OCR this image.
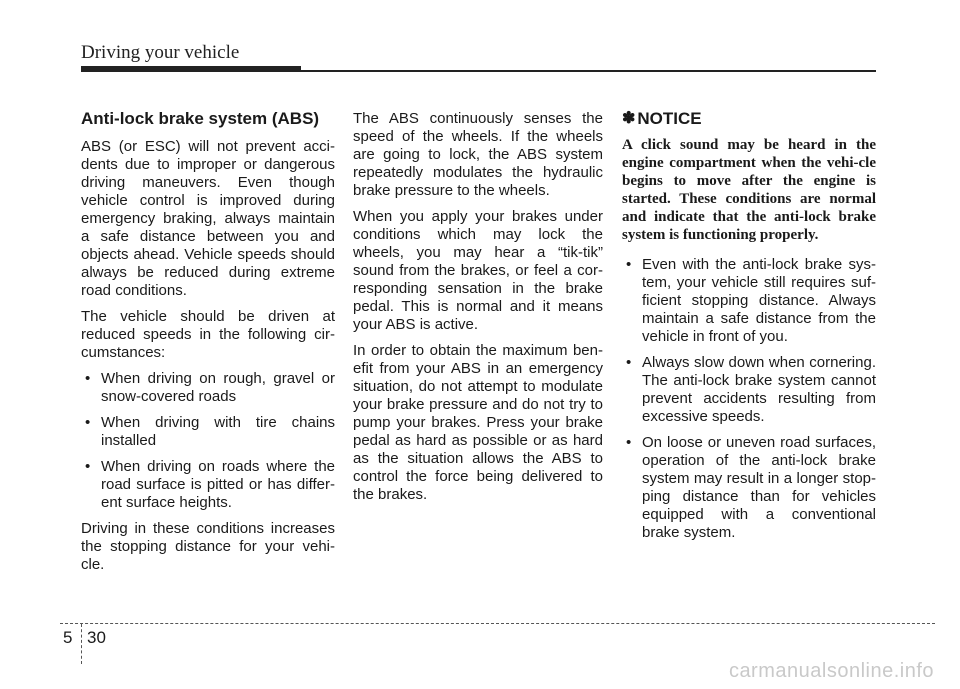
Driving your vehicle
Anti-lock brake system (ABS)

ABS (or ESC) will not prevent acci-dents due to improper or dangerous driving maneuvers. Even though vehicle control is improved during emergency braking, always maintain a safe distance between you and objects ahead. Vehicle speeds should always be reduced during extreme road conditions.

The vehicle should be driven at reduced speeds in the following cir-cumstances:

• When driving on rough, gravel or snow-covered roads
• When driving with tire chains installed
• When driving on roads where the road surface is pitted or has differ-ent surface heights.

Driving in these conditions increases the stopping distance for your vehi-cle.

The ABS continuously senses the speed of the wheels. If the wheels are going to lock, the ABS system repeatedly modulates the hydraulic brake pressure to the wheels.

When you apply your brakes under conditions which may lock the wheels, you may hear a “tik-tik” sound from the brakes, or feel a cor-responding sensation in the brake pedal. This is normal and it means your ABS is active.

In order to obtain the maximum ben-efit from your ABS in an emergency situation, do not attempt to modulate your brake pressure and do not try to pump your brakes. Press your brake pedal as hard as possible or as hard as the situation allows the ABS to control the force being delivered to the brakes.

✽ NOTICE
A click sound may be heard in the engine compartment when the vehi-cle begins to move after the engine is started. These conditions are normal and indicate that the anti-lock brake system is functioning properly.
• Even with the anti-lock brake sys-tem, your vehicle still requires suf-ficient stopping distance. Always maintain a safe distance from the vehicle in front of you.
• Always slow down when cornering. The anti-lock brake system cannot prevent accidents resulting from excessive speeds.
• On loose or uneven road surfaces, operation of the anti-lock brake system may result in a longer stop-ping distance than for vehicles equipped with a conventional brake system.
5 30
carmanualsonline.info
